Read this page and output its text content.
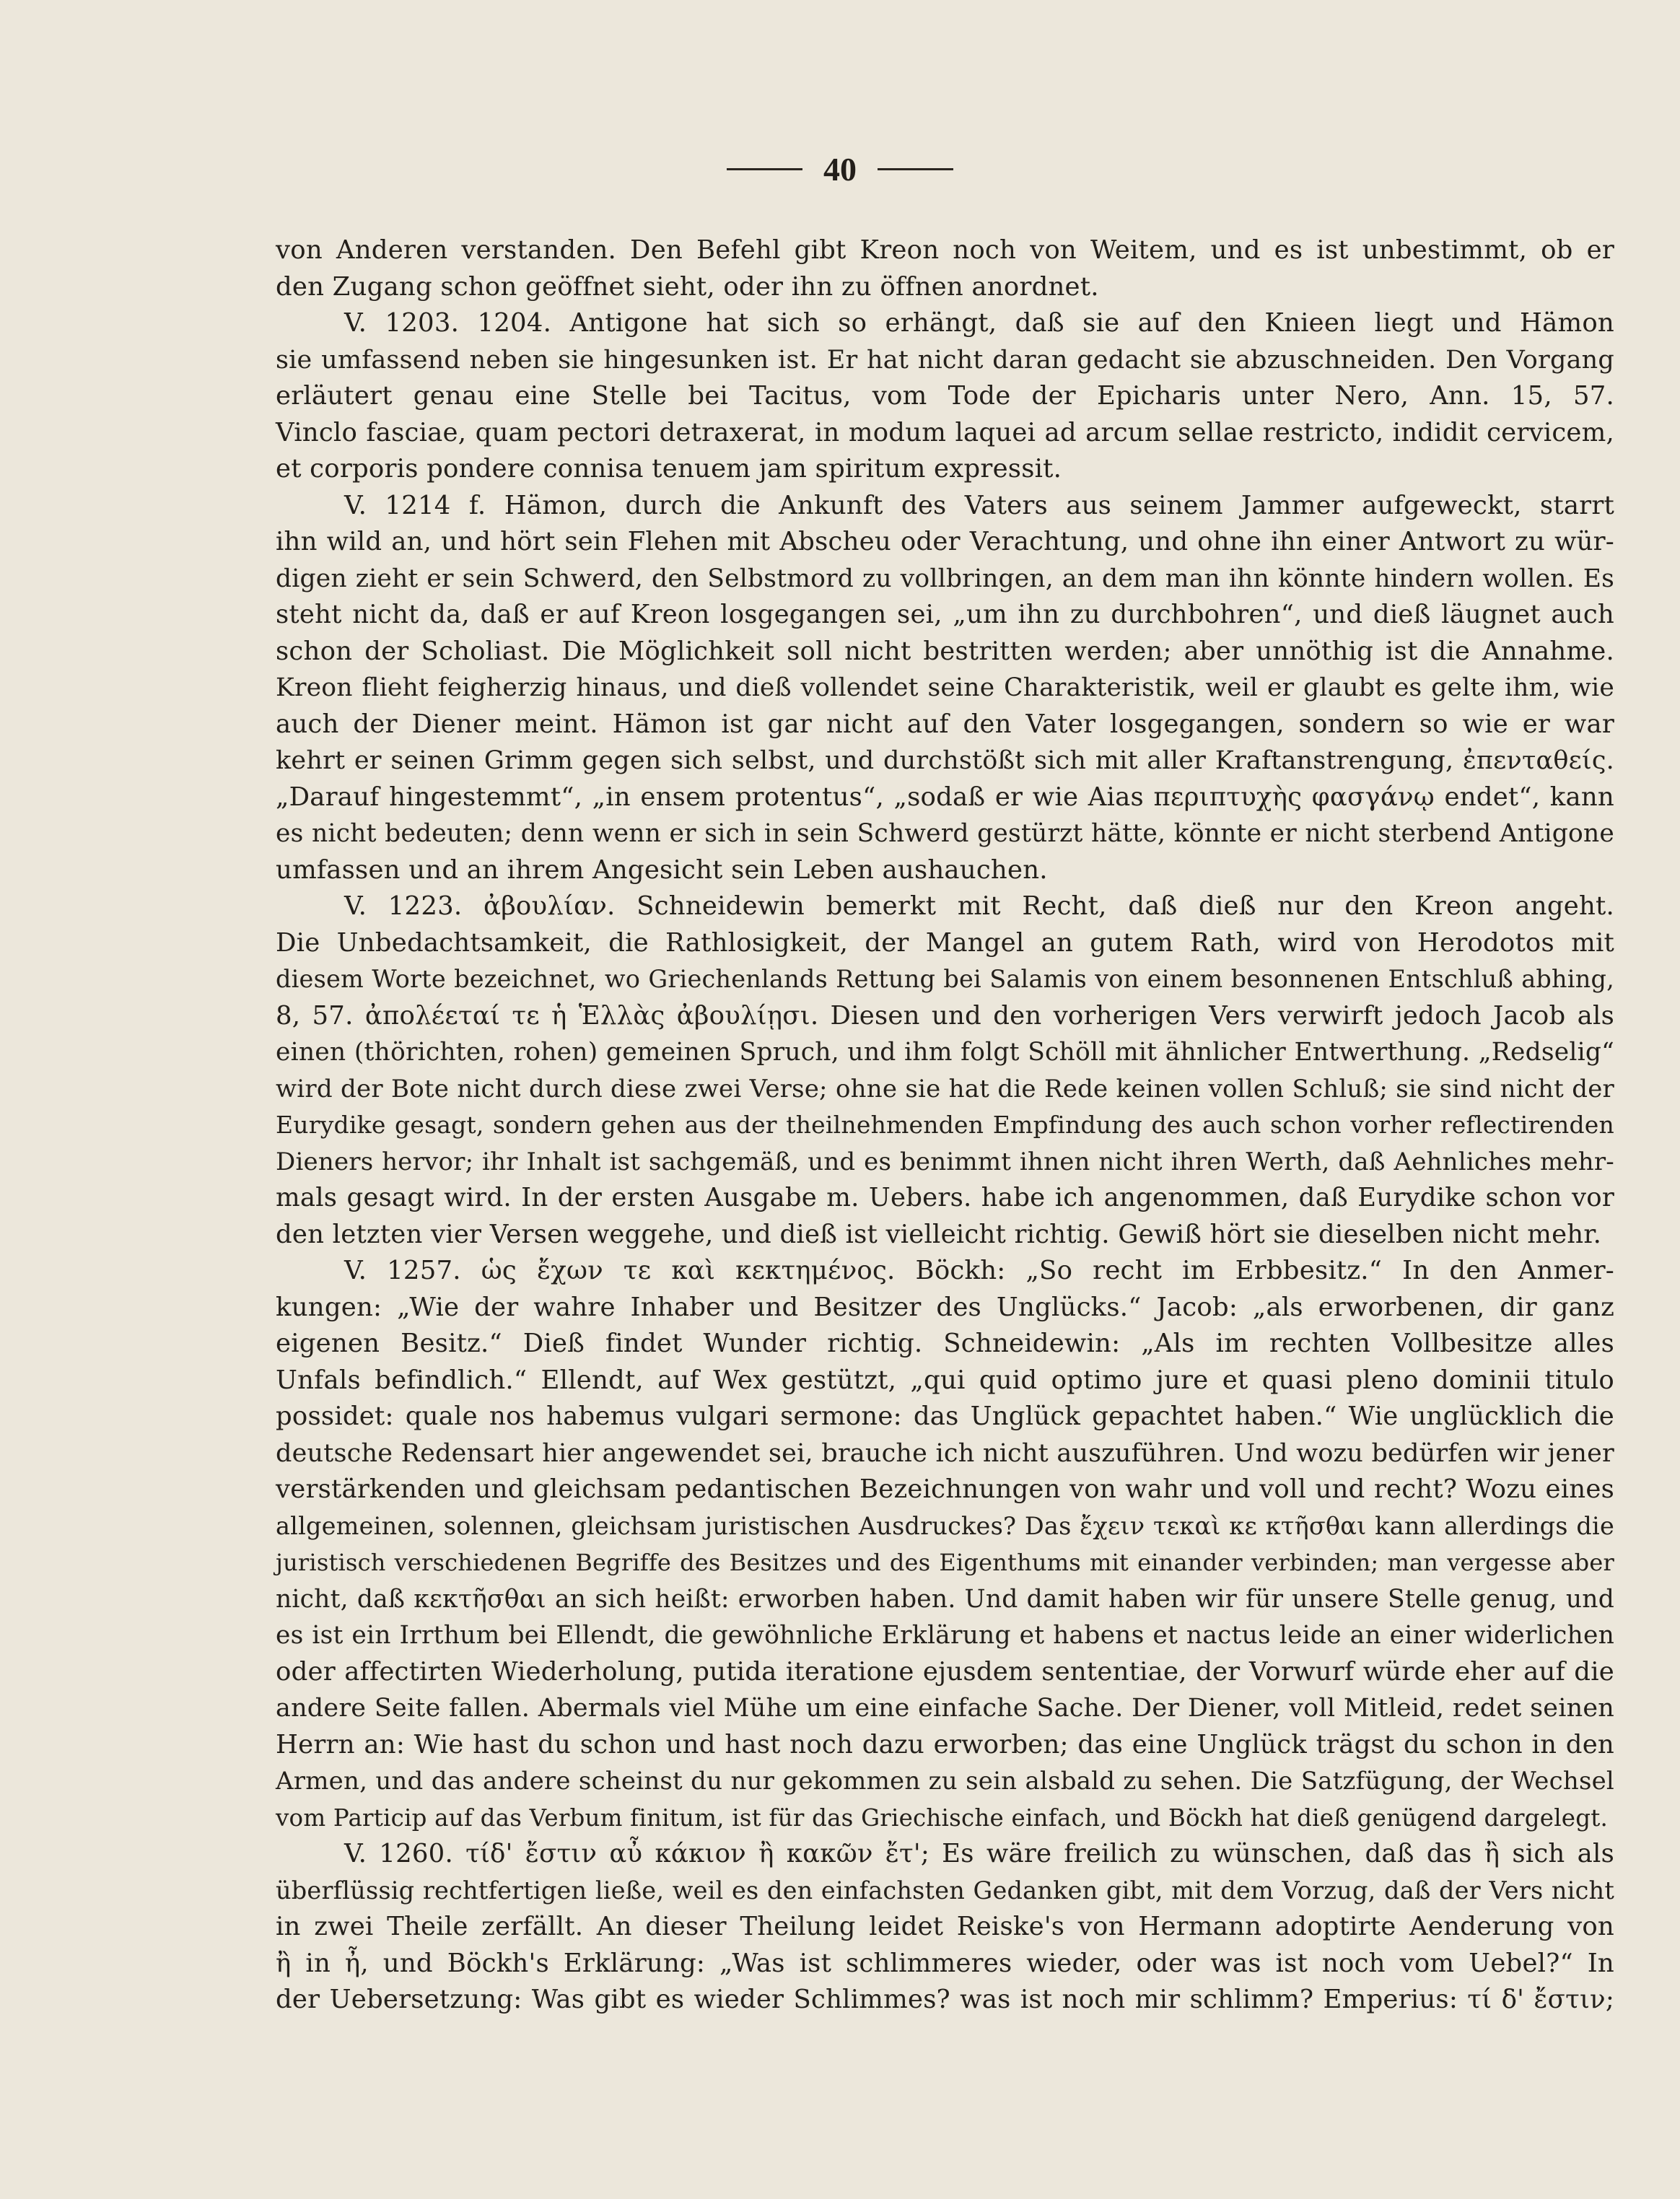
40
von Anderen verstanden. Den Befehl gibt Kreon noch von Weitem, und es ist unbestimmt, ob er
den Zugang schon geöffnet sieht, oder ihn zu öffnen anordnet.
V. 1203. 1204. Antigone hat sich so erhängt, daß sie auf den Knieen liegt und Hämon
sie umfassend neben sie hingesunken ist. Er hat nicht daran gedacht sie abzuschneiden. Den Vorgang
erläutert genau eine Stelle bei Tacitus, vom Tode der Epicharis unter Nero, Ann. 15, 57.
Vinclo fasciae, quam pectori detraxerat, in modum laquei ad arcum sellae restricto, indidit cervicem,
et corporis pondere connisa tenuem jam spiritum expressit.
V. 1214 f. Hämon, durch die Ankunft des Vaters aus seinem Jammer aufgeweckt, starrt
ihn wild an, und hört sein Flehen mit Abscheu oder Verachtung, und ohne ihn einer Antwort zu wür-
digen zieht er sein Schwerd, den Selbstmord zu vollbringen, an dem man ihn könnte hindern wollen. Es
steht nicht da, daß er auf Kreon losgegangen sei, „um ihn zu durchbohren“, und dieß läugnet auch
schon der Scholiast. Die Möglichkeit soll nicht bestritten werden; aber unnöthig ist die Annahme.
Kreon flieht feigherzig hinaus, und dieß vollendet seine Charakteristik, weil er glaubt es gelte ihm, wie
auch der Diener meint. Hämon ist gar nicht auf den Vater losgegangen, sondern so wie er war
kehrt er seinen Grimm gegen sich selbst, und durchstößt sich mit aller Kraftanstrengung, ἐπενταθείς.
„Darauf hingestemmt“, „in ensem protentus“, „sodaß er wie Aias περιπτυχὴς φασγάνῳ endet“, kann
es nicht bedeuten; denn wenn er sich in sein Schwerd gestürzt hätte, könnte er nicht sterbend Antigone
umfassen und an ihrem Angesicht sein Leben aushauchen.
V. 1223. ἀβουλίαν. Schneidewin bemerkt mit Recht, daß dieß nur den Kreon angeht.
Die Unbedachtsamkeit, die Rathlosigkeit, der Mangel an gutem Rath, wird von Herodotos mit
diesem Worte bezeichnet, wo Griechenlands Rettung bei Salamis von einem besonnenen Entschluß abhing,
8, 57. ἀπολέεταί τε ἡ Ἑλλὰς ἀβουλίῃσι. Diesen und den vorherigen Vers verwirft jedoch Jacob als
einen (thörichten, rohen) gemeinen Spruch, und ihm folgt Schöll mit ähnlicher Entwerthung. „Redselig“
wird der Bote nicht durch diese zwei Verse; ohne sie hat die Rede keinen vollen Schluß; sie sind nicht der
Eurydike gesagt, sondern gehen aus der theilnehmenden Empfindung des auch schon vorher reflectirenden
Dieners hervor; ihr Inhalt ist sachgemäß, und es benimmt ihnen nicht ihren Werth, daß Aehnliches mehr-
mals gesagt wird. In der ersten Ausgabe m. Uebers. habe ich angenommen, daß Eurydike schon vor
den letzten vier Versen weggehe, und dieß ist vielleicht richtig. Gewiß hört sie dieselben nicht mehr.
V. 1257. ὡς ἔχων τε καὶ κεκτημένος. Böckh: „So recht im Erbbesitz.“ In den Anmer-
kungen: „Wie der wahre Inhaber und Besitzer des Unglücks.“ Jacob: „als erworbenen, dir ganz
eigenen Besitz.“ Dieß findet Wunder richtig. Schneidewin: „Als im rechten Vollbesitze alles
Unfals befindlich.“ Ellendt, auf Wex gestützt, „qui quid optimo jure et quasi pleno dominii titulo
possidet: quale nos habemus vulgari sermone: das Unglück gepachtet haben.“ Wie unglücklich die
deutsche Redensart hier angewendet sei, brauche ich nicht auszuführen. Und wozu bedürfen wir jener
verstärkenden und gleichsam pedantischen Bezeichnungen von wahr und voll und recht? Wozu eines
allgemeinen, solennen, gleichsam juristischen Ausdruckes? Das ἔχειν τεκαὶ κε κτῆσθαι kann allerdings die
juristisch verschiedenen Begriffe des Besitzes und des Eigenthums mit einander verbinden; man vergesse aber
nicht, daß κεκτῆσθαι an sich heißt: erworben haben. Und damit haben wir für unsere Stelle genug, und
es ist ein Irrthum bei Ellendt, die gewöhnliche Erklärung et habens et nactus leide an einer widerlichen
oder affectirten Wiederholung, putida iteratione ejusdem sententiae, der Vorwurf würde eher auf die
andere Seite fallen. Abermals viel Mühe um eine einfache Sache. Der Diener, voll Mitleid, redet seinen
Herrn an: Wie hast du schon und hast noch dazu erworben; das eine Unglück trägst du schon in den
Armen, und das andere scheinst du nur gekommen zu sein alsbald zu sehen. Die Satzfügung, der Wechsel
vom Particip auf das Verbum finitum, ist für das Griechische einfach, und Böckh hat dieß genügend dargelegt.
V. 1260. τίδ' ἔστιν αὖ κάκιον ἢ κακῶν ἔτ'; Es wäre freilich zu wünschen, daß das ἢ sich als
überflüssig rechtfertigen ließe, weil es den einfachsten Gedanken gibt, mit dem Vorzug, daß der Vers nicht
in zwei Theile zerfällt. An dieser Theilung leidet Reiske's von Hermann adoptirte Aenderung von
ἢ in ἦ, und Böckh's Erklärung: „Was ist schlimmeres wieder, oder was ist noch vom Uebel?“ In
der Uebersetzung: Was gibt es wieder Schlimmes? was ist noch mir schlimm? Emperius: τί δ' ἔστιν;
